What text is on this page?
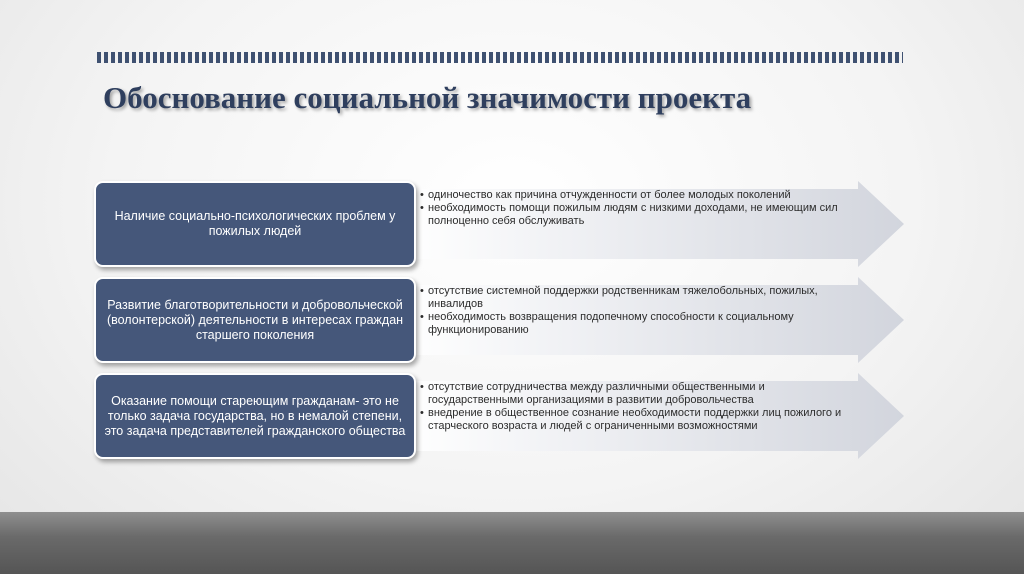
Обоснование социальной значимости проекта
Наличие социально-психологических проблем у пожилых людей
• одиночество как причина отчужденности от более молодых поколений
• необходимость помощи пожилым людям с низкими доходами, не имеющим сил полноценно себя обслуживать
Развитие благотворительности и добровольческой (волонтерской) деятельности в интересах граждан старшего поколения
• отсутствие системной поддержки родственникам тяжелобольных, пожилых, инвалидов
• необходимость возвращения подопечному способности к социальному функционированию
Оказание помощи стареющим гражданам- это не только задача государства, но в немалой степени, это задача представителей гражданского общества
• отсутствие сотрудничества между различными общественными и государственными организациями в развитии добровольчества
• внедрение в общественное сознание необходимости поддержки лиц пожилого и старческого возраста и людей с ограниченными возможностями
